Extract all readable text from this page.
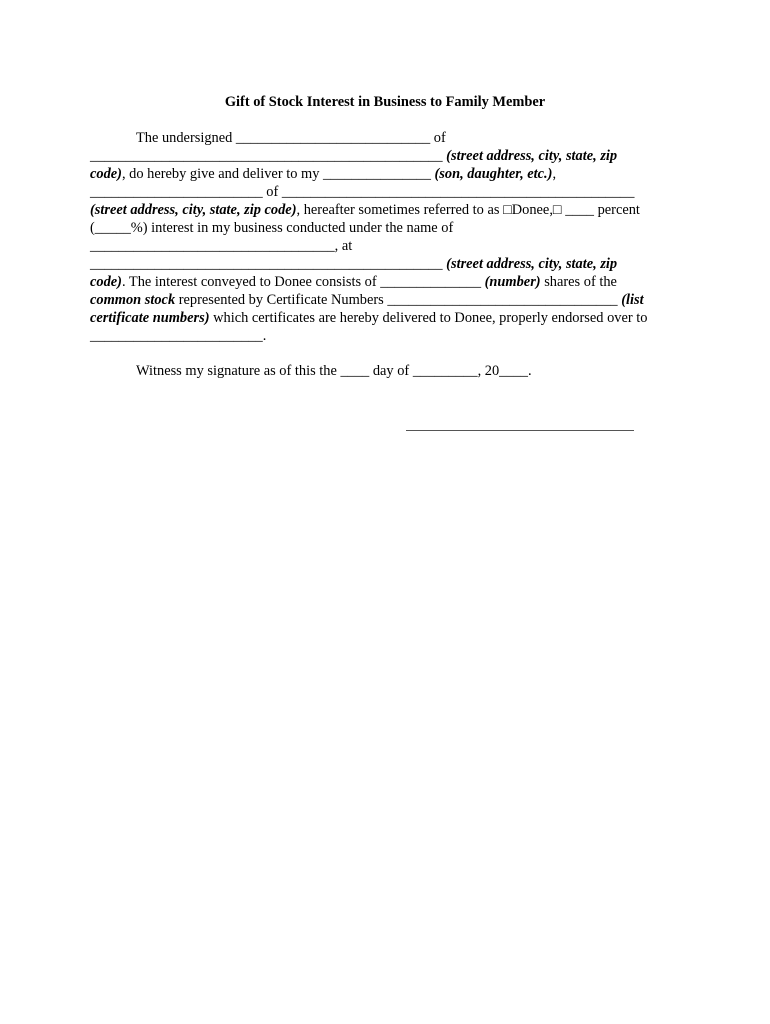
Gift of Stock Interest in Business to Family Member
The undersigned ___________________________ of
_________________________________________________ (street address, city, state, zip
code), do hereby give and deliver to my _______________ (son, daughter, etc.),
________________________ of _________________________________________________
(street address, city, state, zip code), hereafter sometimes referred to as □Donee,□ ____ percent
(_____%) interest in my business conducted under the name of
__________________________________, at
_________________________________________________ (street address, city, state, zip
code). The interest conveyed to Donee consists of ______________ (number) shares of the
common stock represented by Certificate Numbers ________________________________ (list
certificate numbers) which certificates are hereby delivered to Donee, properly endorsed over to
________________________.
Witness my signature as of this the ____ day of _________, 20____.
